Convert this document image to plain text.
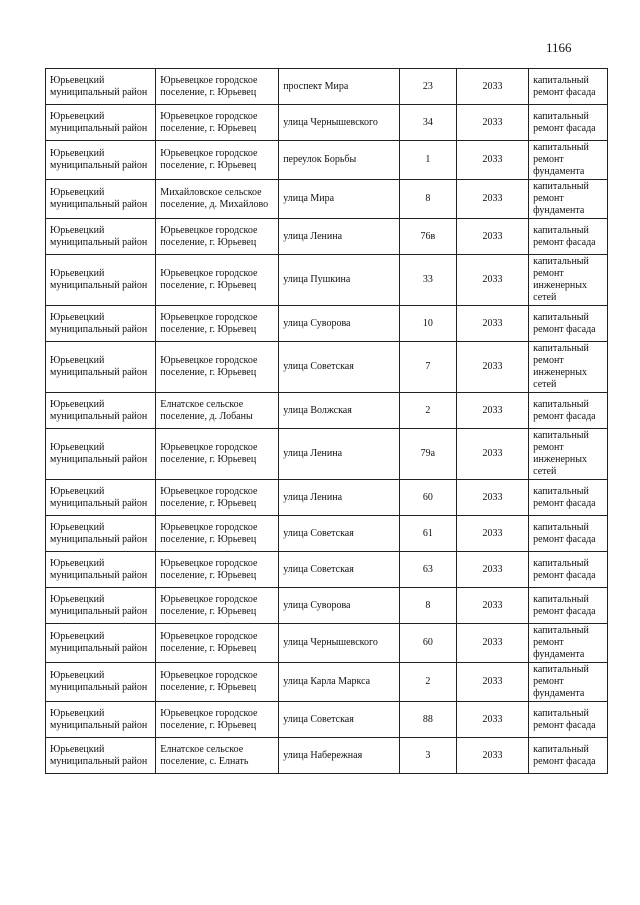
1166
Юрьевецкий муниципальный район	Юрьевецкое городское поселение, г. Юрьевец	проспект Мира	23	2033	капитальный ремонт фасада
Юрьевецкий муниципальный район	Юрьевецкое городское поселение, г. Юрьевец	улица Чернышевского	34	2033	капитальный ремонт фасада
Юрьевецкий муниципальный район	Юрьевецкое городское поселение, г. Юрьевец	переулок Борьбы	1	2033	капитальный ремонт фундамента
Юрьевецкий муниципальный район	Михайловское сельское поселение, д. Михайлово	улица Мира	8	2033	капитальный ремонт фундамента
Юрьевецкий муниципальный район	Юрьевецкое городское поселение, г. Юрьевец	улица Ленина	76в	2033	капитальный ремонт фасада
Юрьевецкий муниципальный район	Юрьевецкое городское поселение, г. Юрьевец	улица Пушкина	33	2033	капитальный ремонт инженерных сетей
Юрьевецкий муниципальный район	Юрьевецкое городское поселение, г. Юрьевец	улица Суворова	10	2033	капитальный ремонт фасада
Юрьевецкий муниципальный район	Юрьевецкое городское поселение, г. Юрьевец	улица Советская	7	2033	капитальный ремонт инженерных сетей
Юрьевецкий муниципальный район	Елнатское сельское поселение, д. Лобаны	улица Волжская	2	2033	капитальный ремонт фасада
Юрьевецкий муниципальный район	Юрьевецкое городское поселение, г. Юрьевец	улица Ленина	79а	2033	капитальный ремонт инженерных сетей
Юрьевецкий муниципальный район	Юрьевецкое городское поселение, г. Юрьевец	улица Ленина	60	2033	капитальный ремонт фасада
Юрьевецкий муниципальный район	Юрьевецкое городское поселение, г. Юрьевец	улица Советская	61	2033	капитальный ремонт фасада
Юрьевецкий муниципальный район	Юрьевецкое городское поселение, г. Юрьевец	улица Советская	63	2033	капитальный ремонт фасада
Юрьевецкий муниципальный район	Юрьевецкое городское поселение, г. Юрьевец	улица Суворова	8	2033	капитальный ремонт фасада
Юрьевецкий муниципальный район	Юрьевецкое городское поселение, г. Юрьевец	улица Чернышевского	60	2033	капитальный ремонт фундамента
Юрьевецкий муниципальный район	Юрьевецкое городское поселение, г. Юрьевец	улица Карла Маркса	2	2033	капитальный ремонт фундамента
Юрьевецкий муниципальный район	Юрьевецкое городское поселение, г. Юрьевец	улица Советская	88	2033	капитальный ремонт фасада
Юрьевецкий муниципальный район	Елнатское сельское поселение, с. Елнать	улица Набережная	3	2033	капитальный ремонт фасада
